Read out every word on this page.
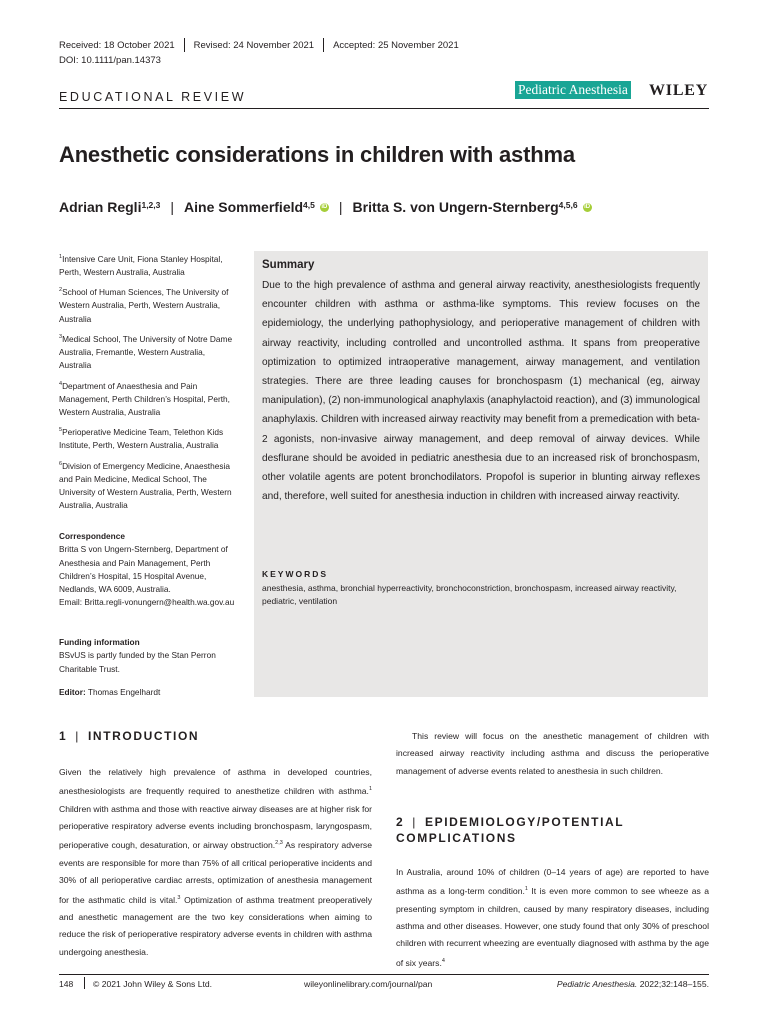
Received: 18 October 2021 Revised: 24 November 2021 Accepted: 25 November 2021
DOI: 10.1111/pan.14373
EDUCATIONAL REVIEW	Pediatric Anesthesia WILEY
Anesthetic considerations in children with asthma
Adrian Regli$^{1,2,3}$ | Aine Sommerfield$^{4,5}$ iD | Britta S. von Ungern-Sternberg$^{4,5,6}$ iD

$^1$Intensive Care Unit, Fiona Stanley Hospital, Perth, Western Australia, Australia

$^2$School of Human Sciences, The University of Western Australia, Perth, Western Australia, Australia

$^3$Medical School, The University of Notre Dame Australia, Fremantle, Western Australia, Australia

$^4$Department of Anaesthesia and Pain Management, Perth Children’s Hospital, Perth, Western Australia, Australia

$^5$Perioperative Medicine Team, Telethon Kids Institute, Perth, Western Australia, Australia

$^6$Division of Emergency Medicine, Anaesthesia and Pain Medicine, Medical School, The University of Western Australia, Perth, Western Australia, Australia

Correspondence
Britta S von Ungern-Sternberg, Department of Anesthesia and Pain Management, Perth Children’s Hospital, 15 Hospital Avenue, Nedlands, WA 6009, Australia.
Email: Britta.regli-vonungern@health.wa.gov.au
Funding information
BSvUS is partly funded by the Stan Perron Charitable Trust.
Editor: Thomas Engelhardt
Summary
Due to the high prevalence of asthma and general airway reactivity, anesthesiologists frequently encounter children with asthma or asthma-like symptoms. This review focuses on the epidemiology, the underlying pathophysiology, and perioperative management of children with airway reactivity, including controlled and uncontrolled asthma. It spans from preoperative optimization to optimized intraoperative management, airway management, and ventilation strategies. There are three leading causes for bronchospasm (1) mechanical (eg, airway manipulation), (2) non-immunological anaphylaxis (anaphylactoid reaction), and (3) immunological anaphylaxis. Children with increased airway reactivity may benefit from a premedication with beta-2 agonists, non-invasive airway management, and deep removal of airway devices. While desflurane should be avoided in pediatric anesthesia due to an increased risk of bronchospasm, other volatile agents are potent bronchodilators. Propofol is superior in blunting airway reflexes and, therefore, well suited for anesthesia induction in children with increased airway reactivity.
KEYWORDS
anesthesia, asthma, bronchial hyperreactivity, bronchoconstriction, bronchospasm, increased airway reactivity, pediatric, ventilation
1 | INTRODUCTION
Given the relatively high prevalence of asthma in developed countries, anesthesiologists are frequently required to anesthetize children with asthma.$^1$ Children with asthma and those with reactive airway diseases are at higher risk for perioperative respiratory adverse events including bronchospasm, laryngospasm, perioperative cough, desaturation, or airway obstruction.$^{2,3}$ As respiratory adverse events are responsible for more than 75% of all critical perioperative incidents and 30% of all perioperative cardiac arrests, optimization of anesthesia management for the asthmatic child is vital.$^3$ Optimization of asthma treatment preoperatively and anesthetic management are the two key considerations when aiming to reduce the risk of perioperative respiratory adverse events in children with asthma undergoing anesthesia.
This review will focus on the anesthetic management of children with increased airway reactivity including asthma and discuss the perioperative management of adverse events related to anesthesia in such children.
2 | EPIDEMIOLOGY/POTENTIAL
COMPLICATIONS
In Australia, around 10% of children (0–14 years of age) are reported to have asthma as a long-term condition.$^1$ It is even more common to see wheeze as a presenting symptom in children, caused by many respiratory diseases, including asthma and other diseases. However, one study found that only 30% of preschool children with recurrent wheezing are eventually diagnosed with asthma by the age of six years.$^4$
148 © 2021 John Wiley & Sons Ltd.	wileyonlinelibrary.com/journal/pan	Pediatric Anesthesia. 2022;32:148–155.
